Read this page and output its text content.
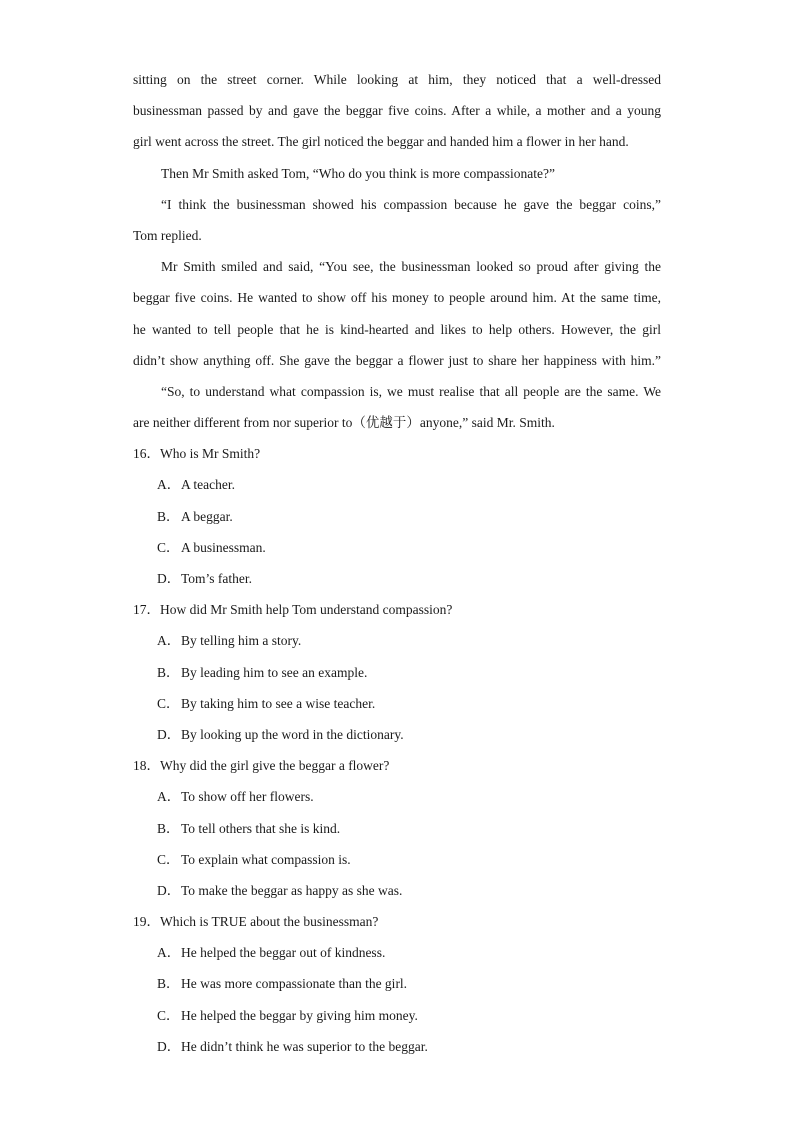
sitting on the street corner. While looking at him, they noticed that a well-dressed
businessman passed by and gave the beggar five coins. After a while, a mother and a young
girl went across the street. The girl noticed the beggar and handed him a flower in her hand.
Then Mr Smith asked Tom, “Who do you think is more compassionate?”
“I think the businessman showed his compassion because he gave the beggar coins,”
Tom replied.
Mr Smith smiled and said, “You see, the businessman looked so proud after giving the
beggar five coins. He wanted to show off his money to people around him. At the same time,
he wanted to tell people that he is kind-hearted and likes to help others. However, the girl
didn’t show anything off. She gave the beggar a flower just to share her happiness with him.”
“So, to understand what compassion is, we must realise that all people are the same. We
are neither different from nor superior to（优越于）anyone,” said Mr. Smith.
16．Who is Mr Smith?
A．A teacher.
B．A beggar.
C．A businessman.
D．Tom’s father.
17．How did Mr Smith help Tom understand compassion?
A．By telling him a story.
B．By leading him to see an example.
C．By taking him to see a wise teacher.
D．By looking up the word in the dictionary.
18．Why did the girl give the beggar a flower?
A．To show off her flowers.
B．To tell others that she is kind.
C．To explain what compassion is.
D．To make the beggar as happy as she was.
19．Which is TRUE about the businessman?
A．He helped the beggar out of kindness.
B．He was more compassionate than the girl.
C．He helped the beggar by giving him money.
D．He didn’t think he was superior to the beggar.
